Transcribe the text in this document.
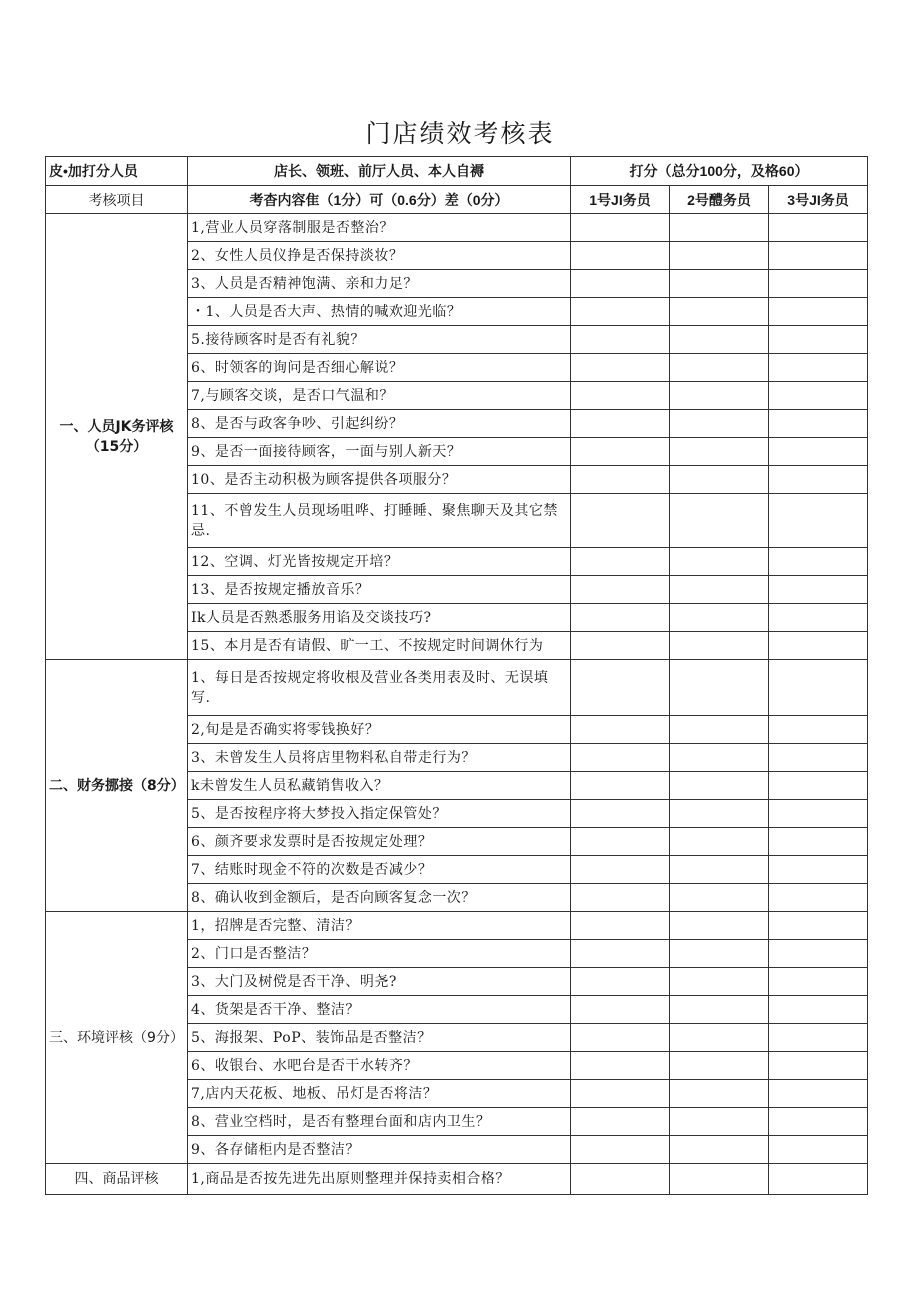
门店绩效考核表
皮•加打分人员	店长、领班、前厅人员、本人自褥	打分（总分100分，及格60）		
考核项目	考杳内容隹（1分）可（0.6分）差（0分）	1号JI务员	2号醴务员	3号JI务员
一、人员JK务评核（15分）	1,营业人员穿落制服是否整治？			
	2、女性人员仪挣是否保持淡妆？			
	3、人员是否精神饱满、亲和力足？			
	・1、人员是否大声、热情的喊欢迎光临？			
	5.接待顾客时是否有礼貌？			
	6、时领客的询问是否细心解说？			
	7,与顾客交谈，是否口气温和？			
	8、是否与政客争吵、引起纠纷？			
	9、是否一面接待顾客，一面与别人新天？			
	10、是否主动积极为顾客提供各项服分？			
	11、不曾发生人员现场咀哗、打睡睡、聚焦聊天及其它禁忌.			
	12、空调、灯光皆按规定开培？			
	13、是否按规定播放音乐？			
	Ik人员是否熟悉服务用谄及交谈技巧?			
	15、本月是否有请假、旷一工、不按规定时间调休行为			
二、财务挪接（8分）	1、每日是否按规定将收根及营业各类用表及时、无误填写.			
	2,旬是是否确实将零钱换好？			
	3、未曾发生人员将店里物料私自带走行为？			
	k未曾发生人员私藏销售收入？			
	5、是否按程序将大梦投入指定保管处？			
	6、颜齐要求发票时是否按规定处理？			
	7、结账时现金不符的次数是否减少？			
	8、确认收到金额后，是否向顾客复念一次？			
三、环境评核（9分）	1，招牌是否完整、清洁？			
	2、门口是否整洁？			
	3、大门及树傥是否干净、明尧?			
	4、货架是否干净、整洁？			
	5、海报架、PoP、装饰品是否整洁？			
	6、收银台、水吧台是否干水转齐？			
	7,店内天花板、地板、吊灯是否将洁？			
	8、营业空档时，是否有整理台面和店内卫生？			
	9、各存储柜内是否整洁？			
四、商品评核	1,商品是否按先进先出原则整理并保持卖相合格？			
